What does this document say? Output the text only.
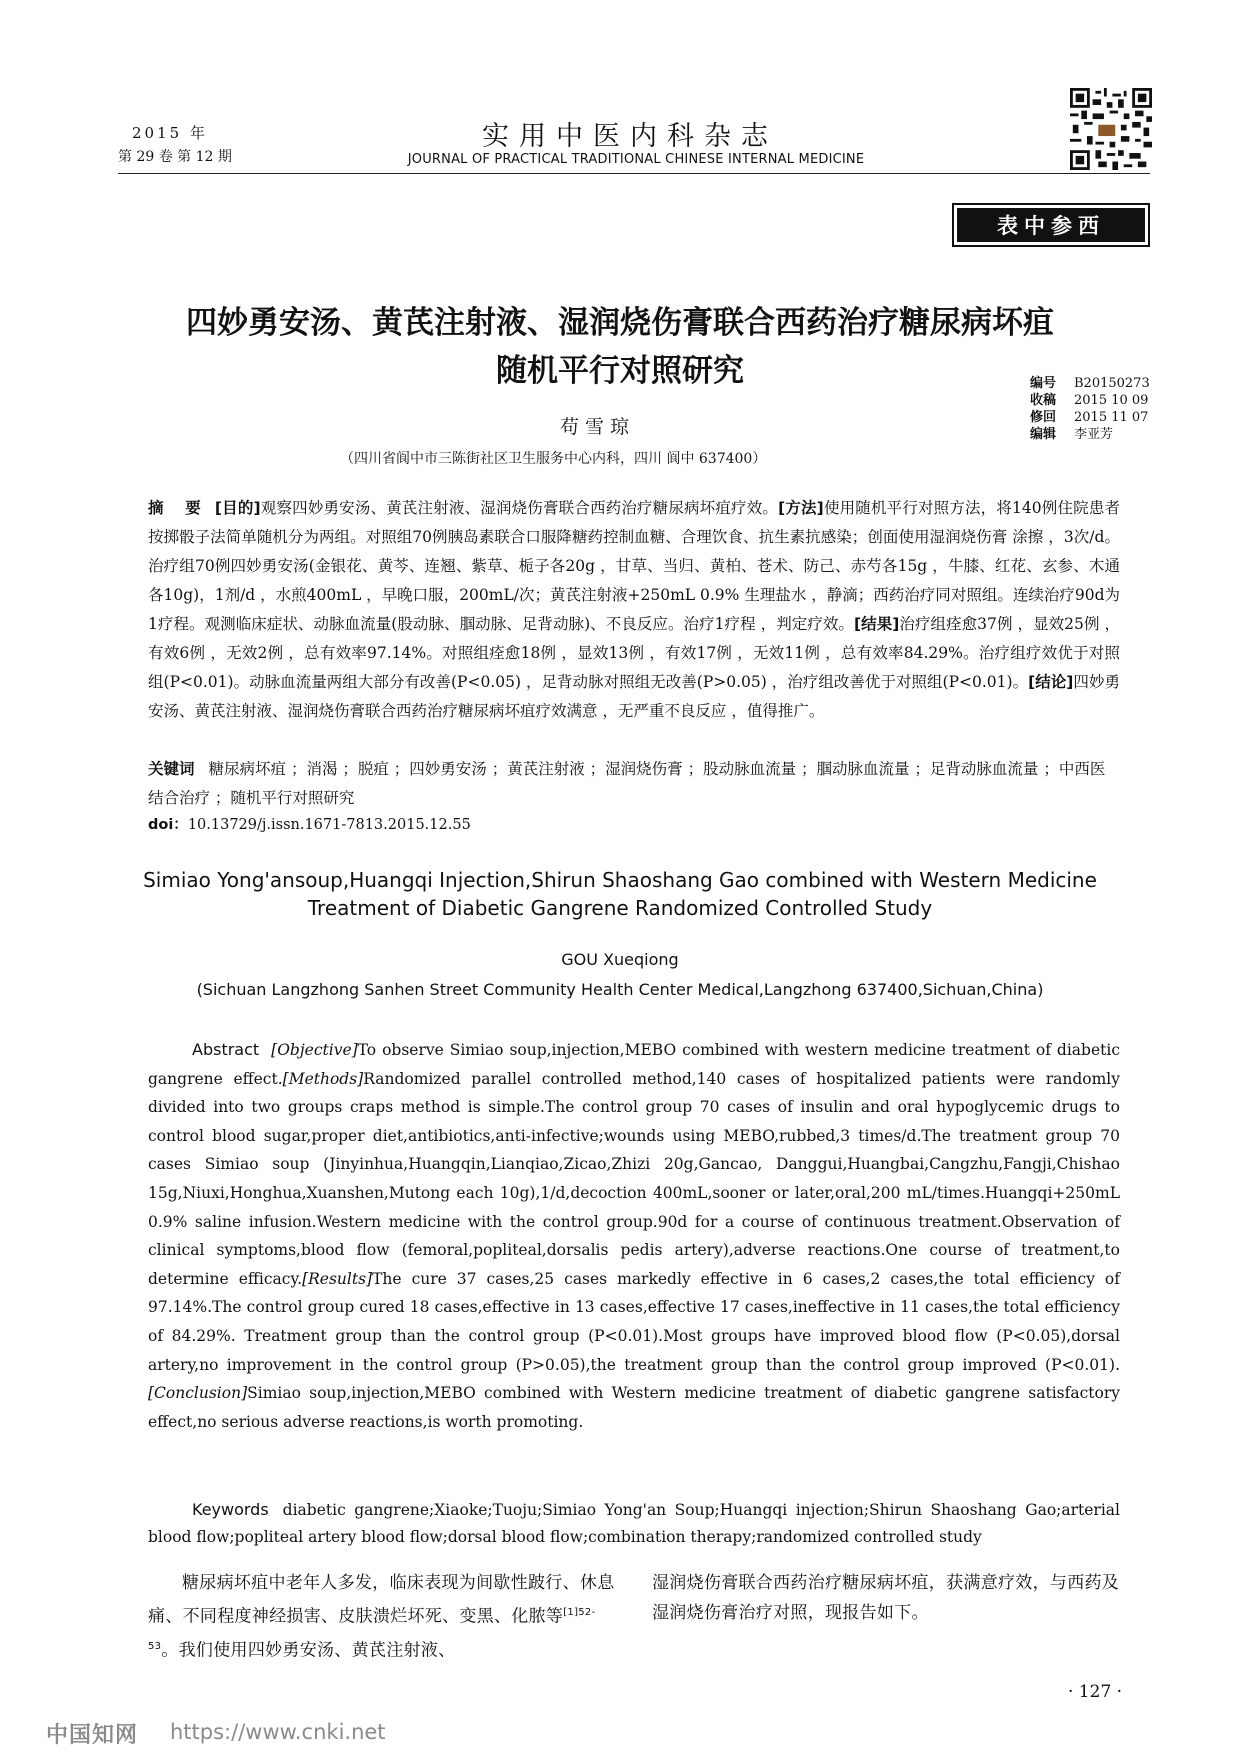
2015 年
第 29 卷 第 12 期
实用中医内科杂志
JOURNAL OF PRACTICAL TRADITIONAL CHINESE INTERNAL MEDICINE
表中参西
四妙勇安汤、黄芪注射液、湿润烧伤膏联合西药治疗糖尿病坏疽
随机平行对照研究	编号	B20150273
收稿	2015 10 09
修回	2015 11 07
编辑	李亚芳
苟雪琼
（四川省阆中市三陈街社区卫生服务中心内科，四川 阆中 637400）
摘 要 [目的]观察四妙勇安汤、黄芪注射液、湿润烧伤膏联合西药治疗糖尿病坏疽疗效。[方法]使用随机平行对照方法，将140例住院患者按掷骰子法简单随机分为两组。对照组70例胰岛素联合口服降糖药控制血糖、合理饮食、抗生素抗感染；创面使用湿润烧伤膏 涂擦 ，3次/d。治疗组70例四妙勇安汤(金银花、黄芩、连翘、紫草、栀子各20g ，甘草、当归、黄柏、苍术、防己、赤芍各15g ，牛膝、红花、玄参、木通各10g)，1剂/d ，水煎400mL ，早晚口服，200mL/次；黄芪注射液+250mL 0.9% 生理盐水 ，静滴；西药治疗同对照组。连续治疗90d为1疗程。观测临床症状、动脉血流量(股动脉、腘动脉、足背动脉)、不良反应。治疗1疗程 ，判定疗效。[结果]治疗组痊愈37例 ，显效25例 ，有效6例 ，无效2例 ，总有效率97.14%。对照组痊愈18例 ，显效13例 ，有效17例 ，无效11例 ，总有效率84.29%。治疗组疗效优于对照组(P<0.01)。动脉血流量两组大部分有改善(P<0.05) ，足背动脉对照组无改善(P>0.05) ，治疗组改善优于对照组(P<0.01)。[结论]四妙勇安汤、黄芪注射液、湿润烧伤膏联合西药治疗糖尿病坏疽疗效满意 ，无严重不良反应 ，值得推广。
关键词 糖尿病坏疽 ；消渴 ；脱疽 ；四妙勇安汤 ；黄芪注射液 ；湿润烧伤膏 ；股动脉血流量 ；腘动脉血流量 ；足背动脉血流量 ；中西医结合治疗 ；随机平行对照研究
doi：10.13729/j.issn.1671-7813.2015.12.55
Simiao Yong'ansoup,Huangqi Injection,Shirun Shaoshang Gao combined with Western Medicine
Treatment of Diabetic Gangrene Randomized Controlled Study
GOU Xueqiong
(Sichuan Langzhong Sanhen Street Community Health Center Medical,Langzhong 637400,Sichuan,China)
Abstract [Objective]To observe Simiao soup,injection,MEBO combined with western medicine treatment of diabetic gangrene effect.[Methods]Randomized parallel controlled method,140 cases of hospitalized patients were randomly divided into two groups craps method is simple.The control group 70 cases of insulin and oral hypoglycemic drugs to control blood sugar,proper diet,antibiotics,anti-infective;wounds using MEBO,rubbed,3 times/d.The treatment group 70 cases Simiao soup (Jinyinhua,Huangqin,Lianqiao,Zicao,Zhizi 20g,Gancao, Danggui,Huangbai,Cangzhu,Fangji,Chishao 15g,Niuxi,Honghua,Xuanshen,Mutong each 10g),1/d,decoction 400mL,sooner or later,oral,200 mL/times.Huangqi+250mL 0.9% saline infusion.Western medicine with the control group.90d for a course of continuous treatment.Observation of clinical symptoms,blood flow (femoral,popliteal,dorsalis pedis artery),adverse reactions.One course of treatment,to determine efficacy.[Results]The cure 37 cases,25 cases markedly effective in 6 cases,2 cases,the total efficiency of 97.14%.The control group cured 18 cases,effective in 13 cases,effective 17 cases,ineffective in 11 cases,the total efficiency of 84.29%. Treatment group than the control group (P<0.01).Most groups have improved blood flow (P<0.05),dorsal artery,no improvement in the control group (P>0.05),the treatment group than the control group improved (P<0.01).[Conclusion]Simiao soup,injection,MEBO combined with Western medicine treatment of diabetic gangrene satisfactory effect,no serious adverse reactions,is worth promoting.
Keywords diabetic gangrene;Xiaoke;Tuoju;Simiao Yong'an Soup;Huangqi injection;Shirun Shaoshang Gao;arterial blood flow;popliteal artery blood flow;dorsal blood flow;combination therapy;randomized controlled study
糖尿病坏疽中老年人多发，临床表现为间歇性跛行、休息痛、不同程度神经损害、皮肤溃烂坏死、变黑、化脓等$^{[1]52-53}$。我们使用四妙勇安汤、黄芪注射液、
湿润烧伤膏联合西药治疗糖尿病坏疽，获满意疗效，与西药及湿润烧伤膏治疗对照，现报告如下。
· 127 ·
中国知网 https://www.cnki.net
